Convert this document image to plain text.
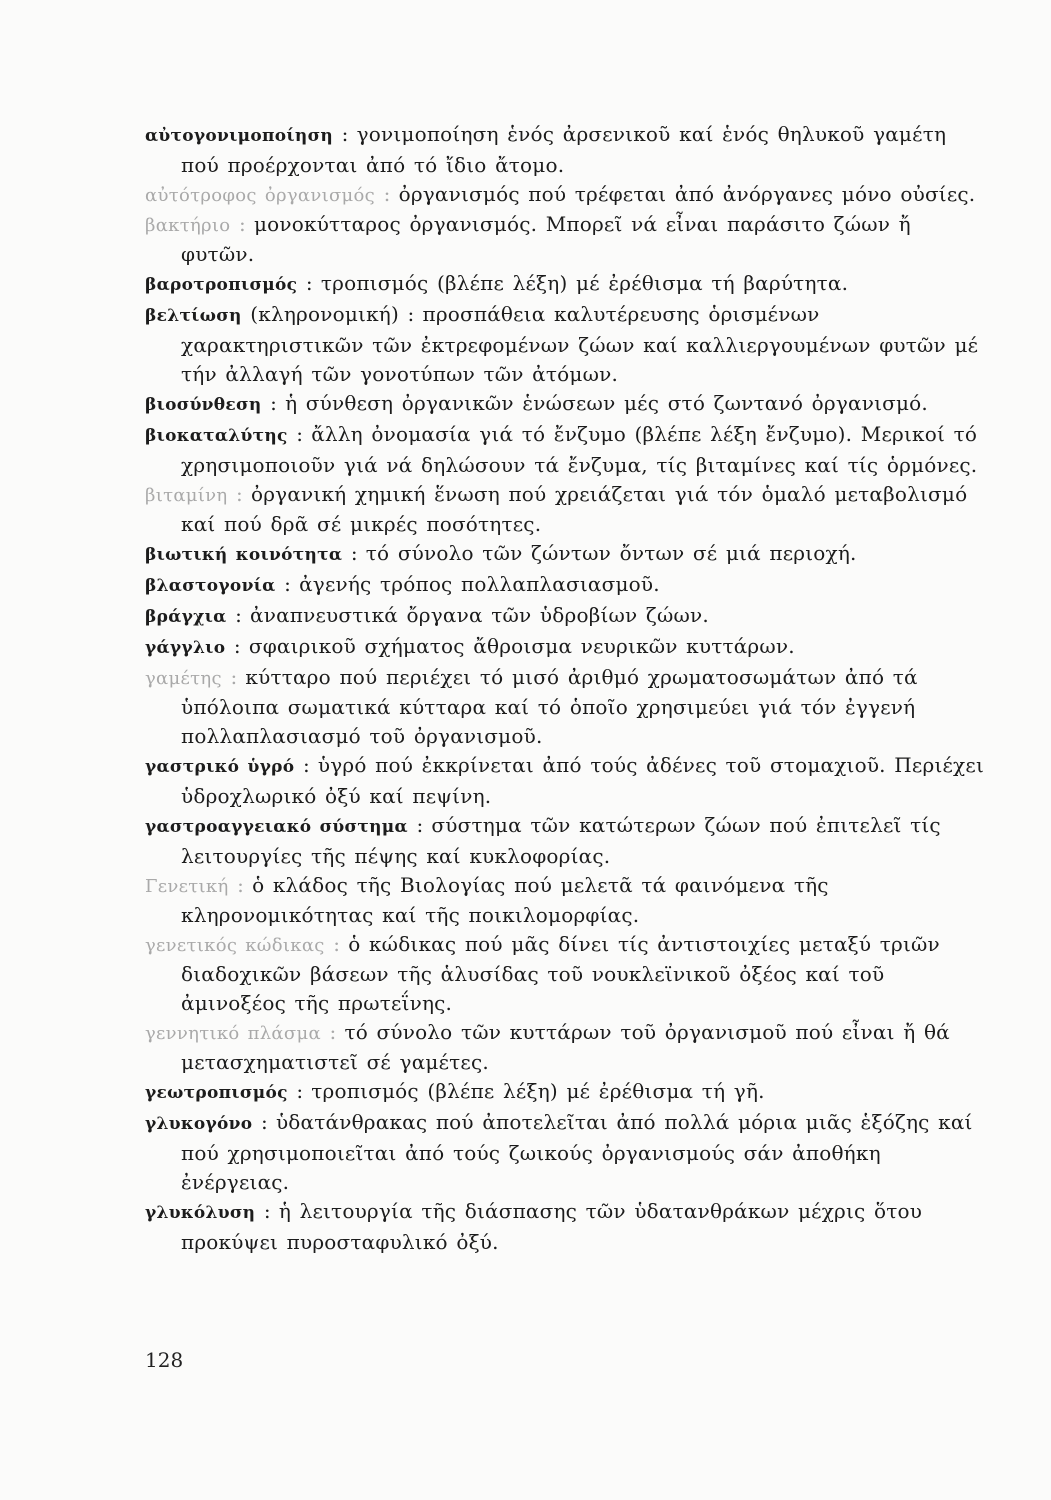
αὐτογονιμοποίηση : γονιμοποίηση ἑνός ἀρσενικοῦ καί ἑνός θηλυκοῦ γαμέτη πού προέρχονται ἀπό τό ἴδιο ἄτομο.
αὐτότροφος ὀργανισμός : ὀργανισμός πού τρέφεται ἀπό ἀνόργανες μόνο οὐσίες.
βακτήριο : μονοκύτταρος ὀργανισμός. Μπορεῖ νά εἶναι παράσιτο ζώων ἤ φυτῶν.
βαροτροπισμός : τροπισμός (βλέπε λέξη) μέ ἐρέθισμα τή βαρύτητα.
βελτίωση (κληρονομική) : προσπάθεια καλυτέρευσης ὁρισμένων χαρακτηριστικῶν τῶν ἐκτρεφομένων ζώων καί καλλιεργουμένων φυτῶν μέ τήν ἀλλαγή τῶν γονοτύπων τῶν ἀτόμων.
βιοσύνθεση : ἡ σύνθεση ὀργανικῶν ἑνώσεων μές στό ζωντανό ὀργανισμό.
βιοκαταλύτης : ἄλλη ὀνομασία γιά τό ἔνζυμο (βλέπε λέξη ἔνζυμο). Μερικοί τό χρησιμοποιοῦν γιά νά δηλώσουν τά ἔνζυμα, τίς βιταμίνες καί τίς ὁρμόνες.
βιταμίνη : ὀργανική χημική ἕνωση πού χρειάζεται γιά τόν ὁμαλό μεταβολισμό καί πού δρᾶ σέ μικρές ποσότητες.
βιωτική κοινότητα : τό σύνολο τῶν ζώντων ὄντων σέ μιά περιοχή.
βλαστογονία : ἀγενής τρόπος πολλαπλασιασμοῦ.
βράγχια : ἀναπνευστικά ὄργανα τῶν ὑδροβίων ζώων.
γάγγλιο : σφαιρικοῦ σχήματος ἄθροισμα νευρικῶν κυττάρων.
γαμέτης : κύτταρο πού περιέχει τό μισό ἀριθμό χρωματοσωμάτων ἀπό τά ὑπόλοιπα σωματικά κύτταρα καί τό ὁποῖο χρησιμεύει γιά τόν ἐγγενή πολλαπλασιασμό τοῦ ὀργανισμοῦ.
γαστρικό ὑγρό : ὑγρό πού ἐκκρίνεται ἀπό τούς ἀδένες τοῦ στομαχιοῦ. Περιέχει ὑδροχλωρικό ὀξύ καί πεψίνη.
γαστροαγγειακό σύστημα : σύστημα τῶν κατώτερων ζώων πού ἐπιτελεῖ τίς λειτουργίες τῆς πέψης καί κυκλοφορίας.
Γενετική : ὁ κλάδος τῆς Βιολογίας πού μελετᾶ τά φαινόμενα τῆς κληρονομικότητας καί τῆς ποικιλομορφίας.
γενετικός κώδικας : ὁ κώδικας πού μᾶς δίνει τίς ἀντιστοιχίες μεταξύ τριῶν διαδοχικῶν βάσεων τῆς ἁλυσίδας τοῦ νουκλεϊνικοῦ ὀξέος καί τοῦ ἀμινοξέος τῆς πρωτεΐνης.
γεννητικό πλάσμα : τό σύνολο τῶν κυττάρων τοῦ ὀργανισμοῦ πού εἶναι ἤ θά μετασχηματιστεῖ σέ γαμέτες.
γεωτροπισμός : τροπισμός (βλέπε λέξη) μέ ἐρέθισμα τή γῆ.
γλυκογόνο : ὑδατάνθρακας πού ἀποτελεῖται ἀπό πολλά μόρια μιᾶς ἑξόζης καί πού χρησιμοποιεῖται ἀπό τούς ζωικούς ὀργανισμούς σάν ἀποθήκη ἐνέργειας.
γλυκόλυση : ἡ λειτουργία τῆς διάσπασης τῶν ὑδατανθράκων μέχρις ὅτου προκύψει πυροσταφυλικό ὀξύ.
128
